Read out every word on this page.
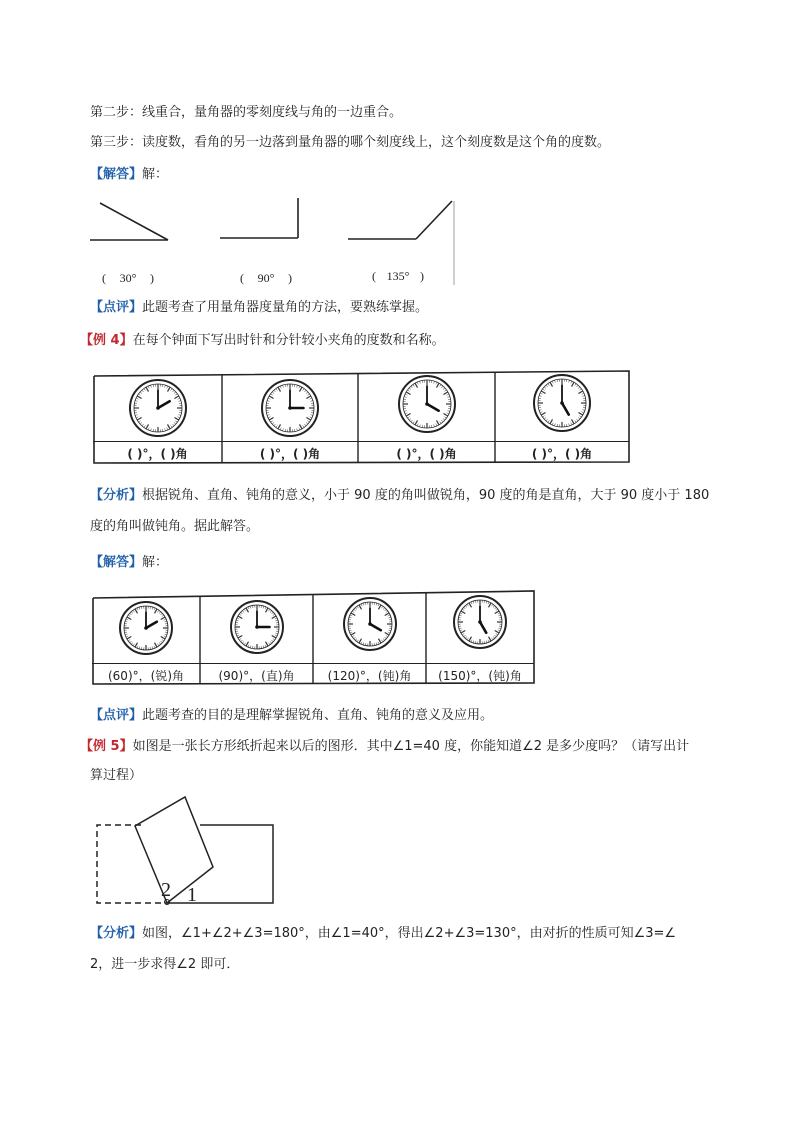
第二步：线重合，量角器的零刻度线与角的一边重合。
第三步：读度数，看角的另一边落到量角器的哪个刻度线上，这个刻度数是这个角的度数。
【解答】解：
( 30° )	( 90° )	( 135° )
【点评】此题考查了用量角器度量角的方法，要熟练掌握。
【例 4】在每个钟面下写出时针和分针较小夹角的度数和名称。
( )°，( )角	( )°，( )角	( )°，( )角	( )°，( )角
【分析】根据锐角、直角、钝角的意义，小于 90 度的角叫做锐角，90 度的角是直角，大于 90 度小于 180
度的角叫做钝角。据此解答。
【解答】解：
(60)°，(锐)角	(90)°，(直)角	(120)°，(钝)角 (150)°，(钝)角
【点评】此题考查的目的是理解掌握锐角、直角、钝角的意义及应用。
【例 5】如图是一张长方形纸折起来以后的图形．其中∠1=40 度，你能知道∠2 是多少度吗？（请写出计
算过程）
2 1
【分析】如图，∠1+∠2+∠3=180°，由∠1=40°，得出∠2+∠3=130°，由对折的性质可知∠3=∠
2，进一步求得∠2 即可．
